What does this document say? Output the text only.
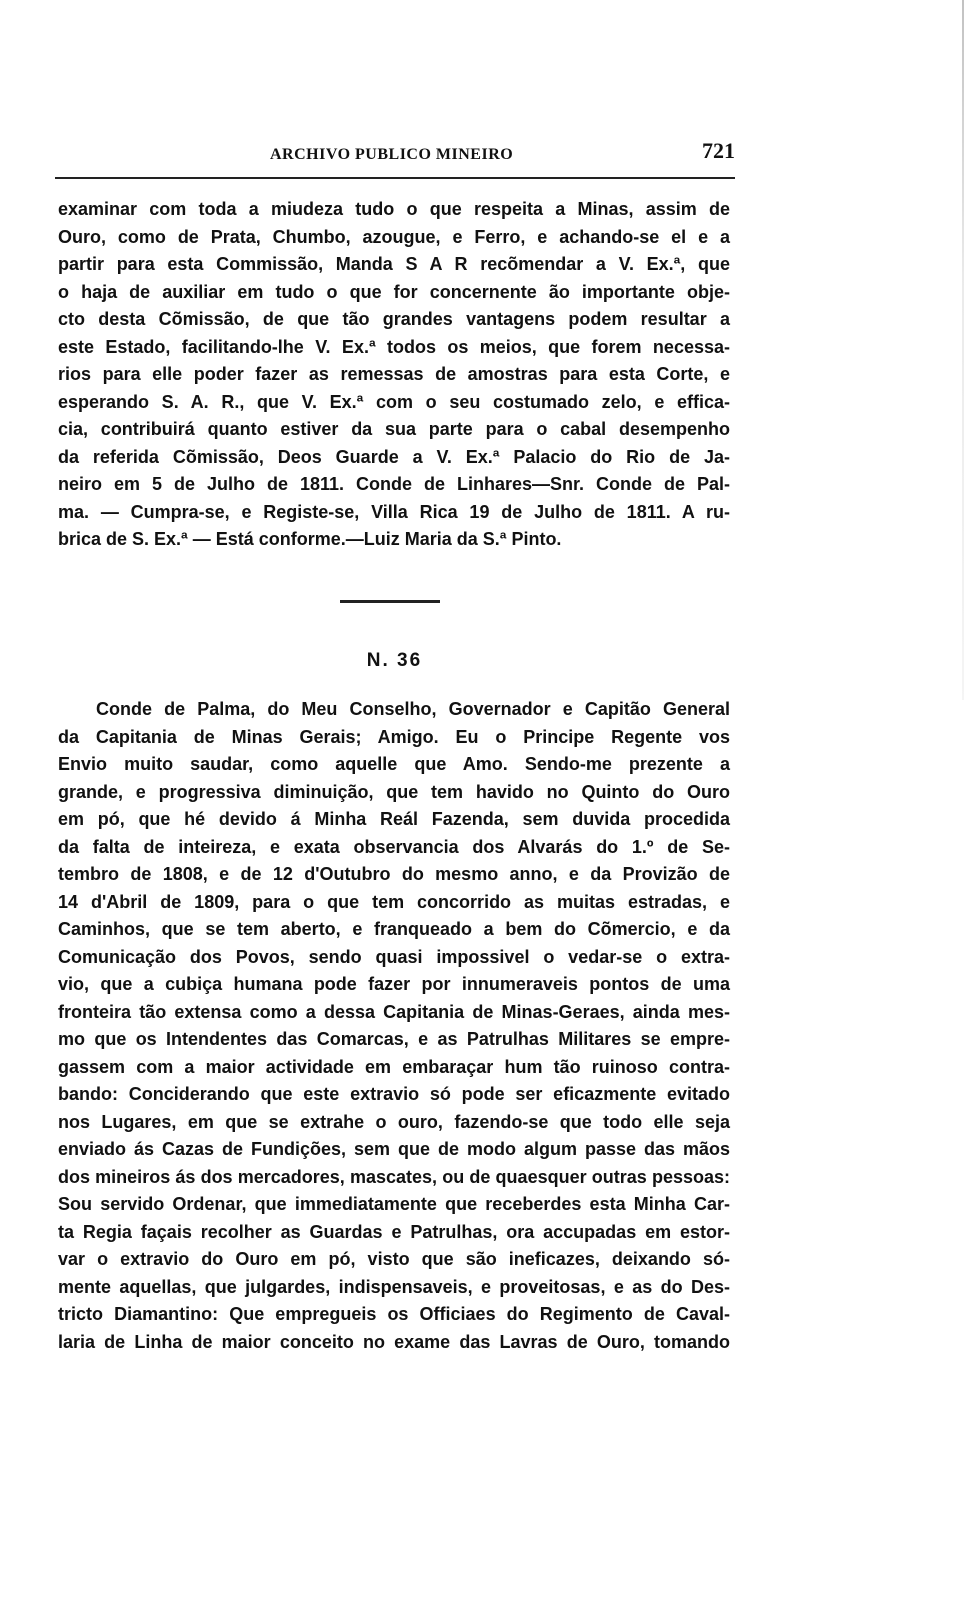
ARCHIVO PUBLICO MINEIRO	721
examinar com toda a miudeza tudo o que respeita a Minas, assim de
Ouro, como de Prata, Chumbo, azougue, e Ferro, e achando-se el e a
partir para esta Commissão, Manda S A R recõmendar a V. Ex.ª, que
o haja de auxiliar em tudo o que for concernente ão importante obje-
cto desta Cõmissão, de que tão grandes vantagens podem resultar a
este Estado, facilitando-lhe V. Ex.ª todos os meios, que forem necessa-
rios para elle poder fazer as remessas de amostras para esta Corte, e
esperando S. A. R., que V. Ex.ª com o seu costumado zelo, e effica-
cia, contribuirá quanto estiver da sua parte para o cabal desempenho
da referida Cõmissão, Deos Guarde a V. Ex.ª Palacio do Rio de Ja-
neiro em 5 de Julho de 1811. Conde de Linhares—Snr. Conde de Pal-
ma. — Cumpra-se, e Registe-se, Villa Rica 19 de Julho de 1811. A ru-
brica de S. Ex.ª — Está conforme.—Luiz Maria da S.ª Pinto.
N. 36
Conde de Palma, do Meu Conselho, Governador e Capitão General
da Capitania de Minas Gerais; Amigo. Eu o Principe Regente vos
Envio muito saudar, como aquelle que Amo. Sendo-me prezente a
grande, e progressiva diminuição, que tem havido no Quinto do Ouro
em pó, que hé devido á Minha Reál Fazenda, sem duvida procedida
da falta de inteireza, e exata observancia dos Alvarás do 1.º de Se-
tembro de 1808, e de 12 d'Outubro do mesmo anno, e da Provizão de
14 d'Abril de 1809, para o que tem concorrido as muitas estradas, e
Caminhos, que se tem aberto, e franqueado a bem do Cõmercio, e da
Comunicação dos Povos, sendo quasi impossivel o vedar-se o extra-
vio, que a cubiça humana pode fazer por innumeraveis pontos de uma
fronteira tão extensa como a dessa Capitania de Minas-Geraes, ainda mes-
mo que os Intendentes das Comarcas, e as Patrulhas Militares se empre-
gassem com a maior actividade em embaraçar hum tão ruinoso contra-
bando: Conciderando que este extravio só pode ser eficazmente evitado
nos Lugares, em que se extrahe o ouro, fazendo-se que todo elle seja
enviado ás Cazas de Fundições, sem que de modo algum passe das mãos
dos mineiros ás dos mercadores, mascates, ou de quaesquer outras pessoas:
Sou servido Ordenar, que immediatamente que receberdes esta Minha Car-
ta Regia façais recolher as Guardas e Patrulhas, ora accupadas em estor-
var o extravio do Ouro em pó, visto que são ineficazes, deixando só-
mente aquellas, que julgardes, indispensaveis, e proveitosas, e as do Des-
tricto Diamantino: Que empregueis os Officiaes do Regimento de Caval-
laria de Linha de maior conceito no exame das Lavras de Ouro, tomando
